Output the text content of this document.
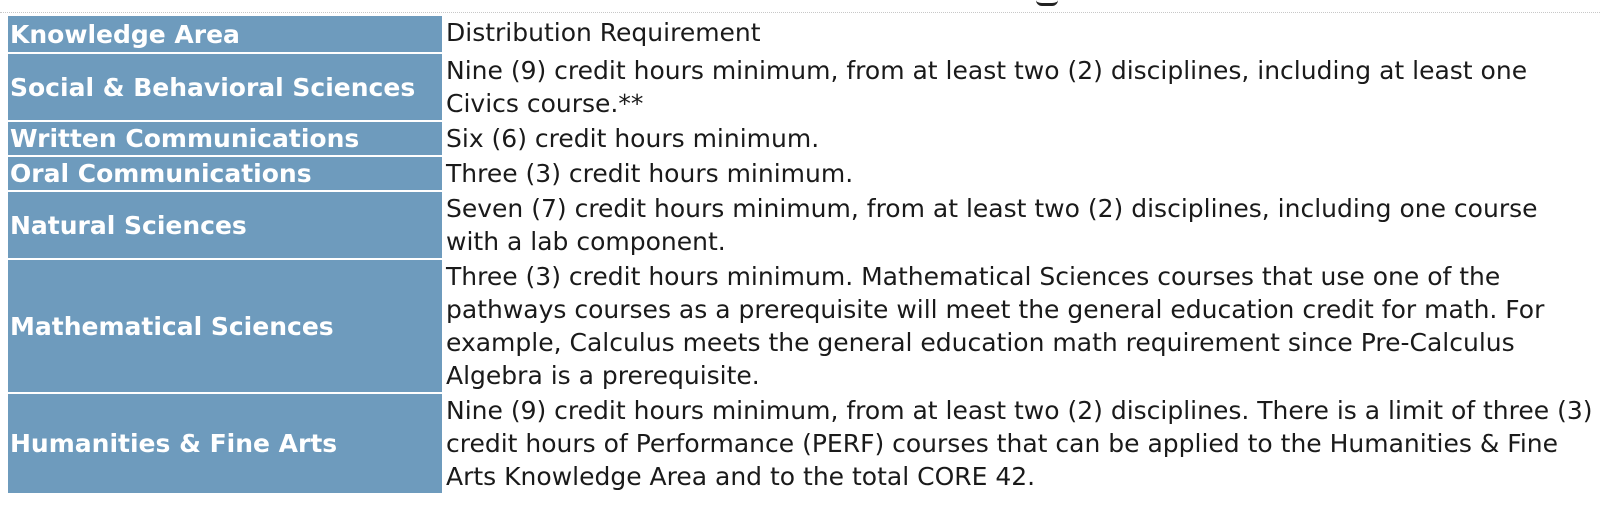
Knowledge Area	Distribution Requirement
Social & Behavioral Sciences	Nine (9) credit hours minimum, from at least two (2) disciplines, including at least one Civics course.**
Written Communications	Six (6) credit hours minimum.
Oral Communications	Three (3) credit hours minimum.
Natural Sciences	Seven (7) credit hours minimum, from at least two (2) disciplines, including one course with a lab component.
Mathematical Sciences	Three (3) credit hours minimum. Mathematical Sciences courses that use one of the pathways courses as a prerequisite will meet the general education credit for math. For example, Calculus meets the general education math requirement since Pre-Calculus Algebra is a prerequisite.
Humanities & Fine Arts	Nine (9) credit hours minimum, from at least two (2) disciplines. There is a limit of three (3) credit hours of Performance (PERF) courses that can be applied to the Humanities & Fine Arts Knowledge Area and to the total CORE 42.
